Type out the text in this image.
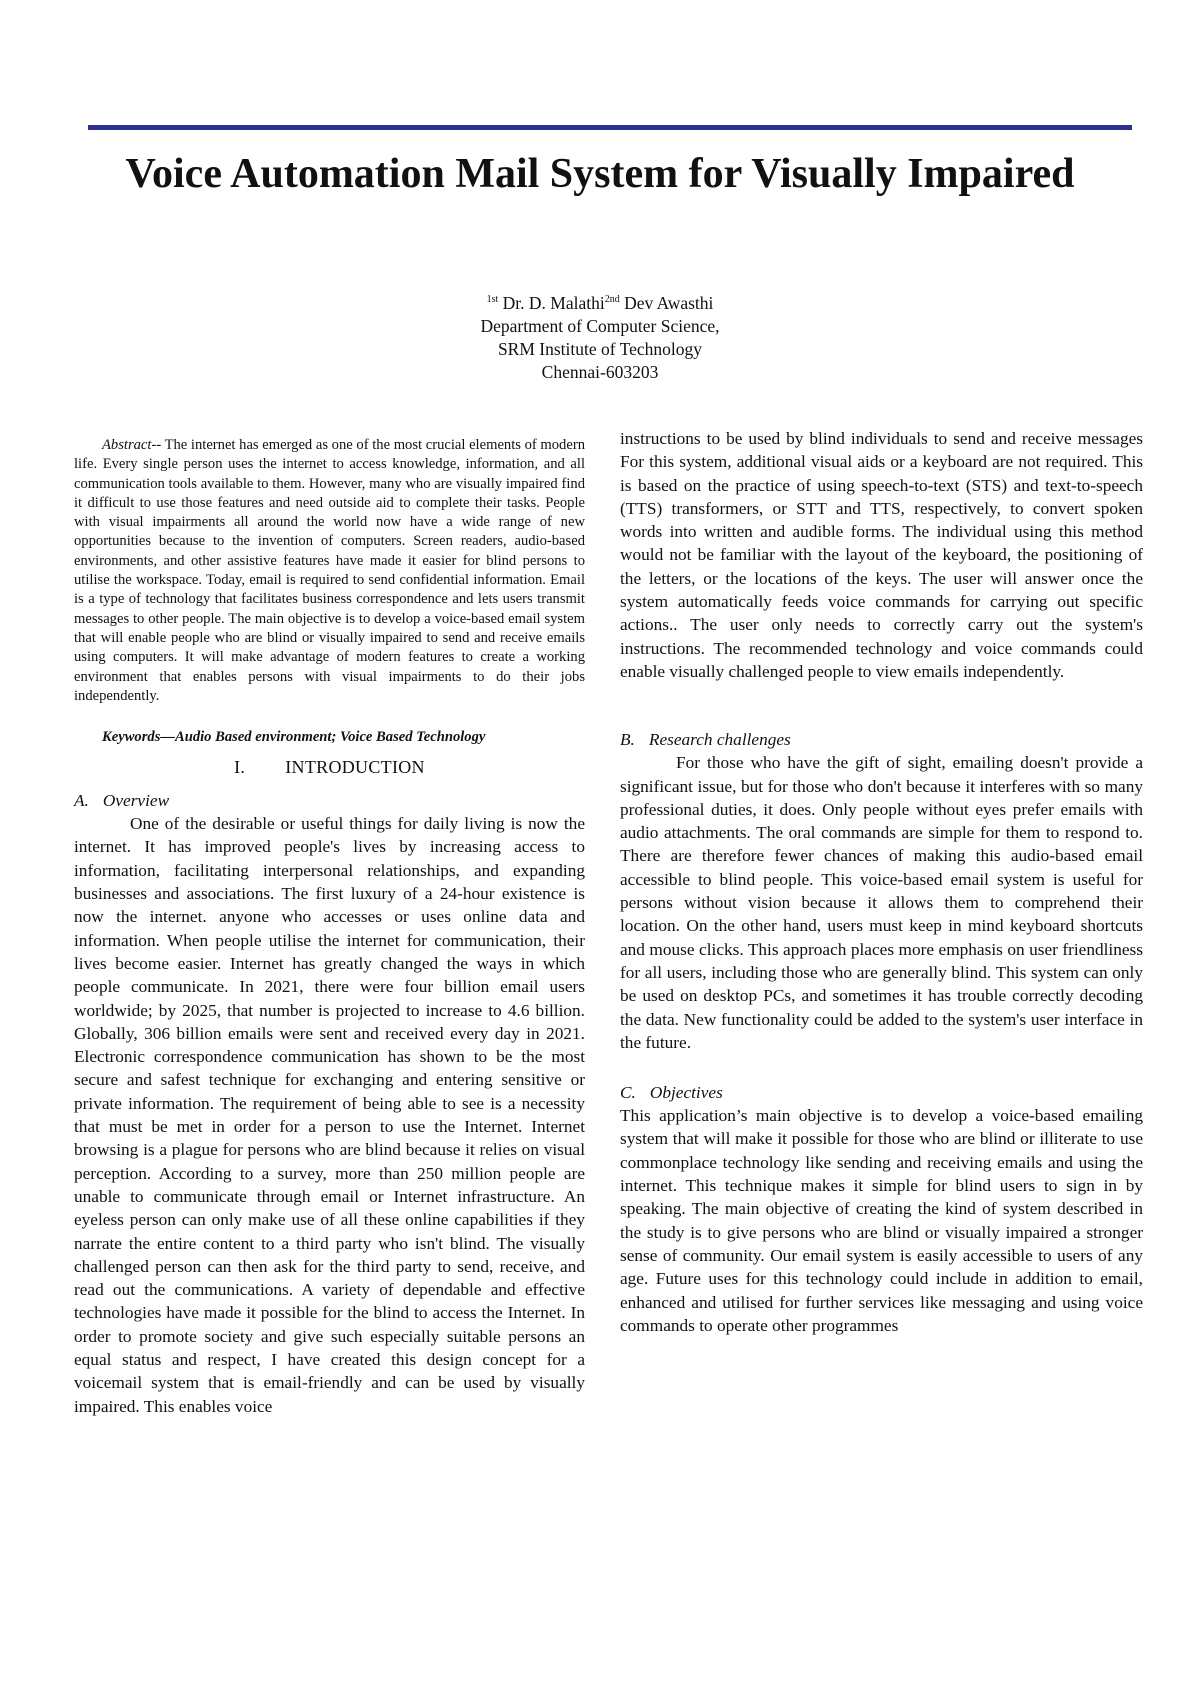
Voice Automation Mail System for Visually Impaired
$^{1st}$ Dr. D. Malathi$^{2nd}$ Dev Awasthi
Department of Computer Science,
SRM Institute of Technology
Chennai-603203

Abstract-- The internet has emerged as one of the most crucial elements of modern life. Every single person uses the internet to access knowledge, information, and all communication tools available to them. However, many who are visually impaired find it difficult to use those features and need outside aid to complete their tasks. People with visual impairments all around the world now have a wide range of new opportunities because to the invention of computers. Screen readers, audio-based environments, and other assistive features have made it easier for blind persons to utilise the workspace. Today, email is required to send confidential information. Email is a type of technology that facilitates business correspondence and lets users transmit messages to other people. The main objective is to develop a voice-based email system that will enable people who are blind or visually impaired to send and receive emails using computers. It will make advantage of modern features to create a working environment that enables persons with visual impairments to do their jobs independently.

Keywords—Audio Based environment; Voice Based Technology

I. INTRODUCTION
A. Overview

One of the desirable or useful things for daily living is now the internet. It has improved people's lives by increasing access to information, facilitating interpersonal relationships, and expanding businesses and associations. The first luxury of a 24-hour existence is now the internet. anyone who accesses or uses online data and information. When people utilise the internet for communication, their lives become easier. Internet has greatly changed the ways in which people communicate. In 2021, there were four billion email users worldwide; by 2025, that number is projected to increase to 4.6 billion. Globally, 306 billion emails were sent and received every day in 2021. Electronic correspondence communication has shown to be the most secure and safest technique for exchanging and entering sensitive or private information. The requirement of being able to see is a necessity that must be met in order for a person to use the Internet. Internet browsing is a plague for persons who are blind because it relies on visual perception. According to a survey, more than 250 million people are unable to communicate through email or Internet infrastructure. An eyeless person can only make use of all these online capabilities if they narrate the entire content to a third party who isn't blind. The visually challenged person can then ask for the third party to send, receive, and read out the communications. A variety of dependable and effective technologies have made it possible for the blind to access the Internet. In order to promote society and give such especially suitable persons an equal status and respect, I have created this design concept for a voicemail system that is email-friendly and can be used by visually impaired. This enables voice

instructions to be used by blind individuals to send and receive messages For this system, additional visual aids or a keyboard are not required. This is based on the practice of using speech-to-text (STS) and text-to-speech (TTS) transformers, or STT and TTS, respectively, to convert spoken words into written and audible forms. The individual using this method would not be familiar with the layout of the keyboard, the positioning of the letters, or the locations of the keys. The user will answer once the system automatically feeds voice commands for carrying out specific actions.. The user only needs to correctly carry out the system's instructions. The recommended technology and voice commands could enable visually challenged people to view emails independently.

B. Research challenges

For those who have the gift of sight, emailing doesn't provide a significant issue, but for those who don't because it interferes with so many professional duties, it does. Only people without eyes prefer emails with audio attachments. The oral commands are simple for them to respond to. There are therefore fewer chances of making this audio-based email accessible to blind people. This voice-based email system is useful for persons without vision because it allows them to comprehend their location. On the other hand, users must keep in mind keyboard shortcuts and mouse clicks. This approach places more emphasis on user friendliness for all users, including those who are generally blind. This system can only be used on desktop PCs, and sometimes it has trouble correctly decoding the data. New functionality could be added to the system's user interface in the future.

C. Objectives

This application’s main objective is to develop a voice-based emailing system that will make it possible for those who are blind or illiterate to use commonplace technology like sending and receiving emails and using the internet. This technique makes it simple for blind users to sign in by speaking. The main objective of creating the kind of system described in the study is to give persons who are blind or visually impaired a stronger sense of community. Our email system is easily accessible to users of any age. Future uses for this technology could include in addition to email, enhanced and utilised for further services like messaging and using voice commands to operate other programmes
